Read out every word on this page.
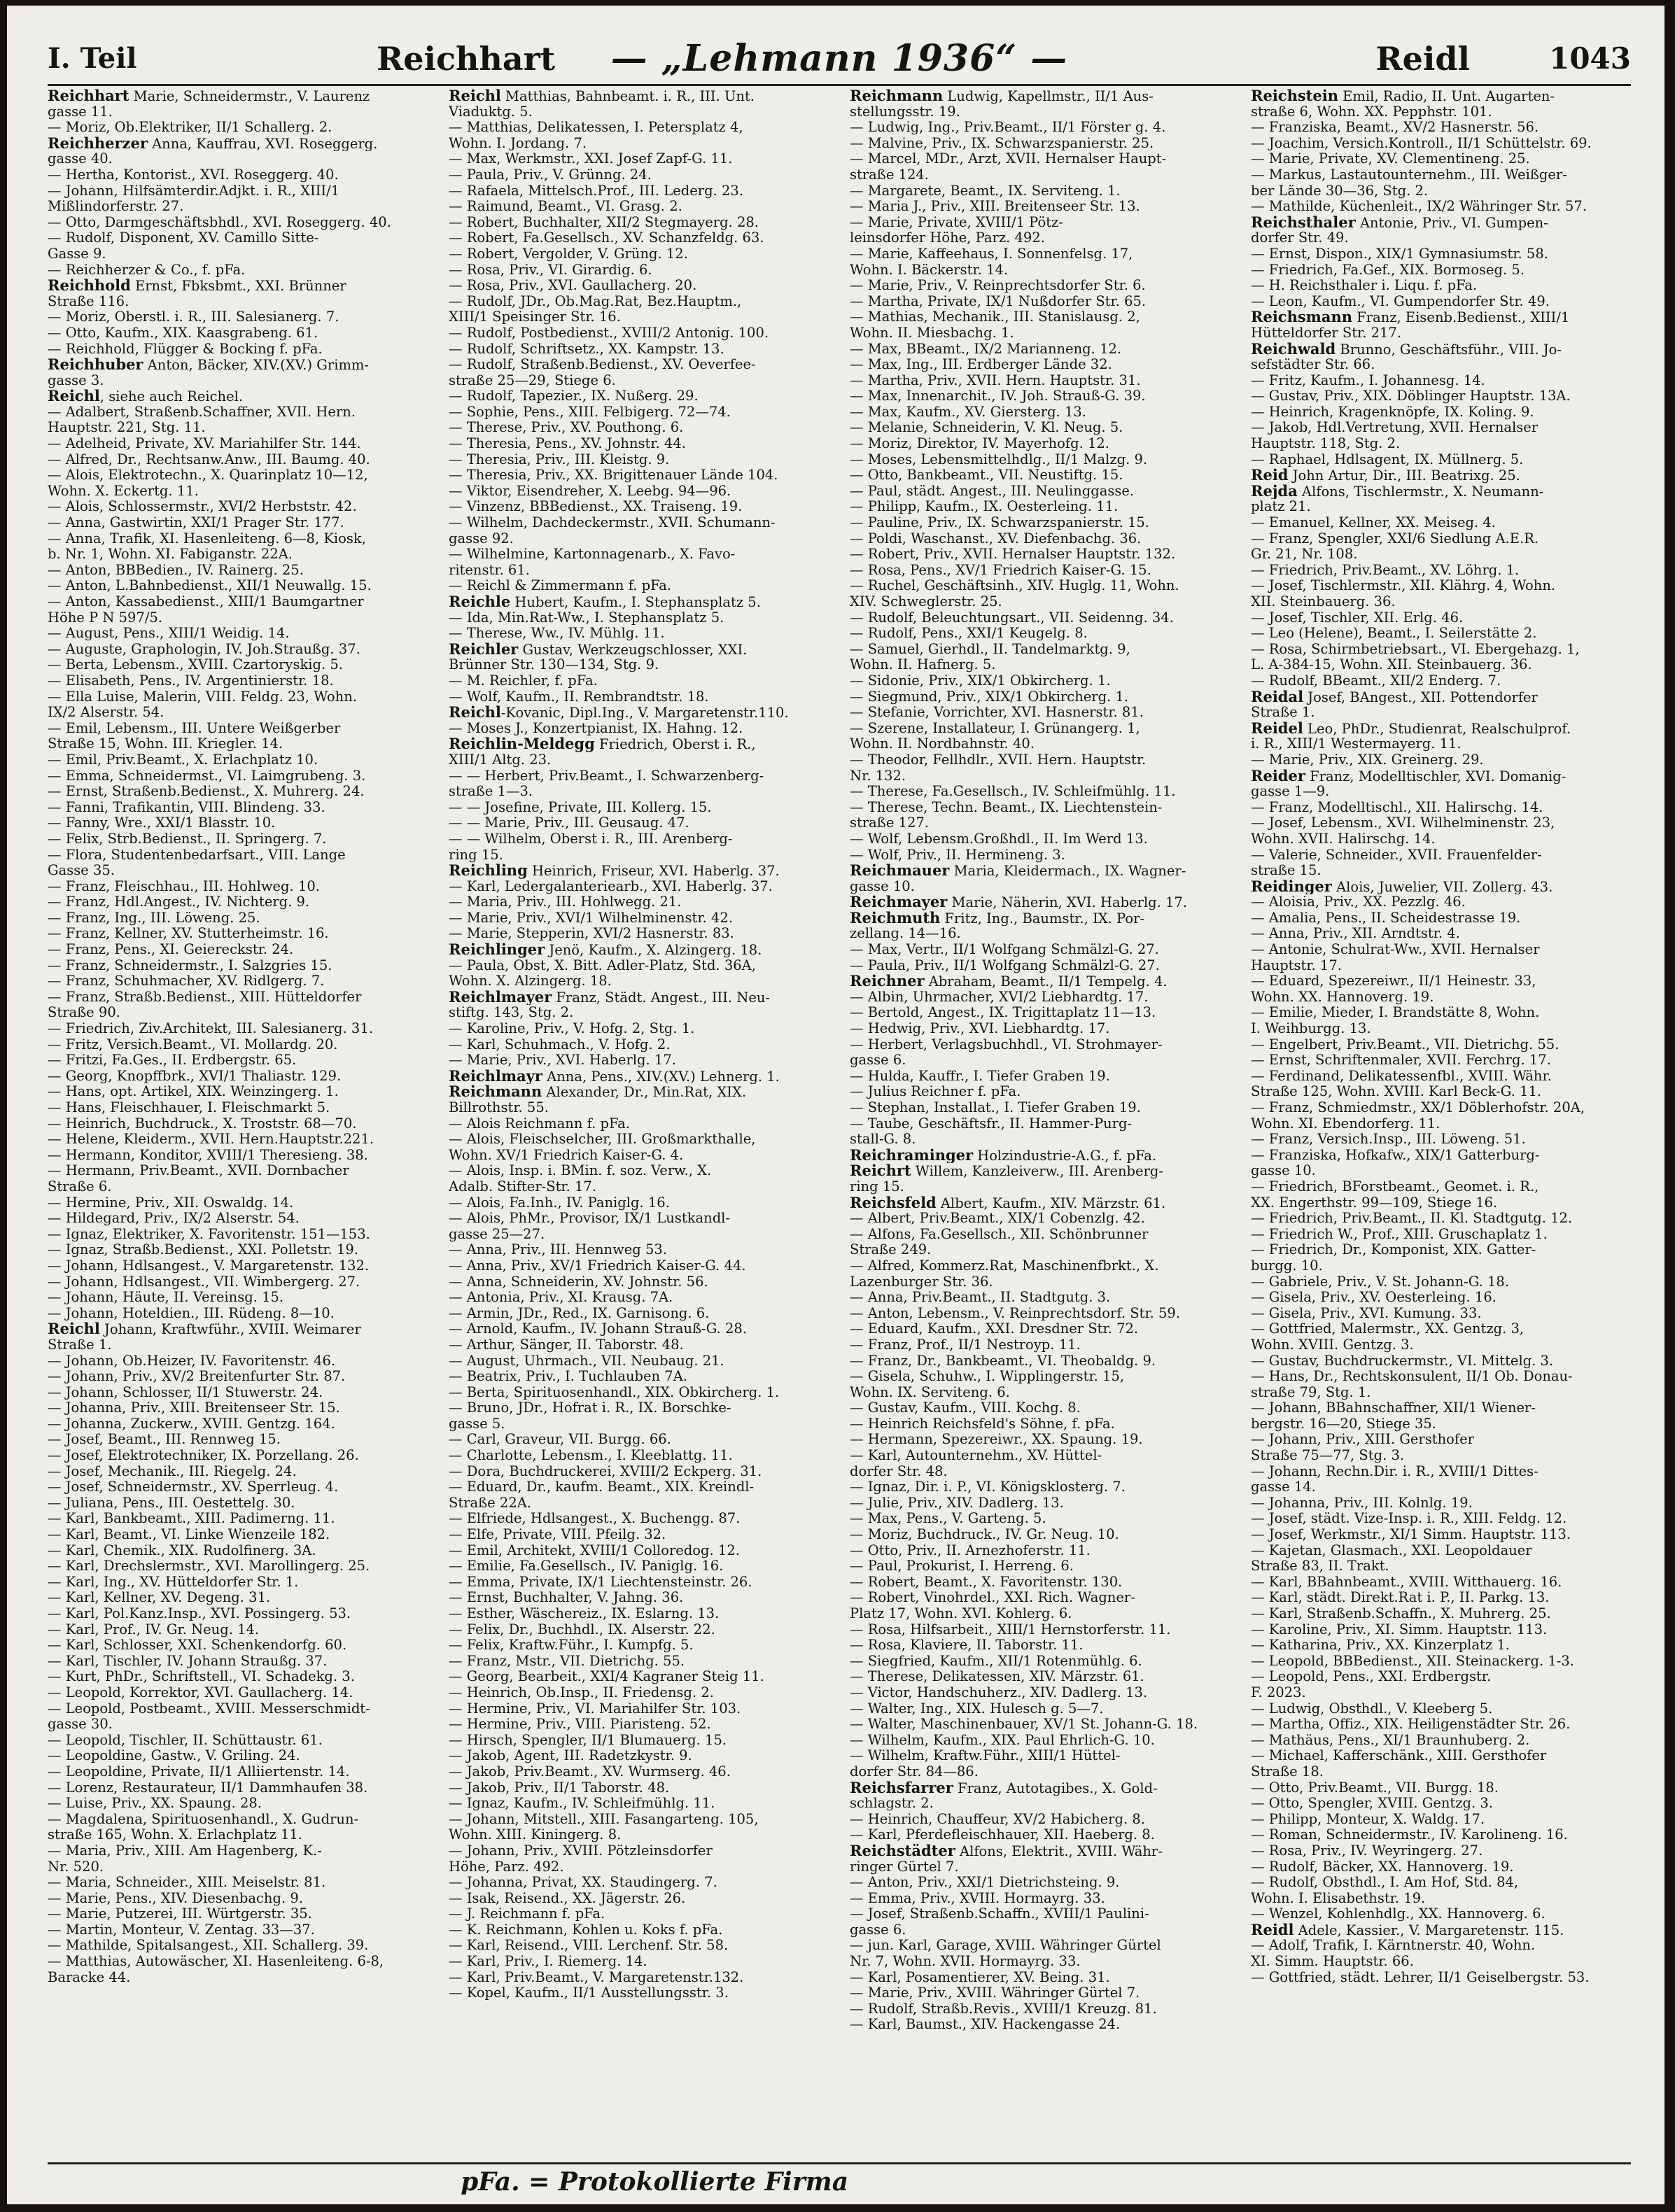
I. Teil	Reichhart	— „Lehmann 1936“ —	Reidl	1043
Reichhart Marie, Schneidermstr., V. Laurenz
gasse 11.
— Moriz, Ob.Elektriker, II/1 Schallerg. 2.
Reichherzer Anna, Kauffrau, XVI. Roseggerg.
gasse 40.
— Hertha, Kontorist., XVI. Roseggerg. 40.
— Johann, Hilfsämterdir.Adjkt. i. R., XIII/1
Mißlindorferstr. 27.
— Otto, Darmgeschäftsbhdl., XVI. Roseggerg. 40.
— Rudolf, Disponent, XV. Camillo Sitte-
Gasse 9.
— Reichherzer & Co., f. pFa.
Reichhold Ernst, Fbksbmt., XXI. Brünner
Straße 116.
— Moriz, Oberstl. i. R., III. Salesianerg. 7.
— Otto, Kaufm., XIX. Kaasgrabeng. 61.
— Reichhold, Flügger & Bocking f. pFa.
Reichhuber Anton, Bäcker, XIV.(XV.) Grimm-
gasse 3.
Reichl, siehe auch Reichel.
— Adalbert, Straßenb.Schaffner, XVII. Hern.
Hauptstr. 221, Stg. 11.
— Adelheid, Private, XV. Mariahilfer Str. 144.
— Alfred, Dr., Rechtsanw.Anw., III. Baumg. 40.
— Alois, Elektrotechn., X. Quarinplatz 10—12,
Wohn. X. Eckertg. 11.
— Alois, Schlossermstr., XVI/2 Herbststr. 42.
— Anna, Gastwirtin, XXI/1 Prager Str. 177.
— Anna, Trafik, XI. Hasenleiteng. 6—8, Kiosk,
b. Nr. 1, Wohn. XI. Fabiganstr. 22A.
— Anton, BBBedien., IV. Rainerg. 25.
— Anton, L.Bahnbedienst., XII/1 Neuwallg. 15.
— Anton, Kassabedienst., XIII/1 Baumgartner
Höhe P N 597/5.
— August, Pens., XIII/1 Weidig. 14.
— Auguste, Graphologin, IV. Joh.Straußg. 37.
— Berta, Lebensm., XVIII. Czartoryskig. 5.
— Elisabeth, Pens., IV. Argentinierstr. 18.
— Ella Luise, Malerin, VIII. Feldg. 23, Wohn.
IX/2 Alserstr. 54.
— Emil, Lebensm., III. Untere Weißgerber
Straße 15, Wohn. III. Kriegler. 14.
— Emil, Priv.Beamt., X. Erlachplatz 10.
— Emma, Schneidermst., VI. Laimgrubeng. 3.
— Ernst, Straßenb.Bedienst., X. Muhrerg. 24.
— Fanni, Trafikantin, VIII. Blindeng. 33.
— Fanny, Wre., XXI/1 Blasstr. 10.
— Felix, Strb.Bedienst., II. Springerg. 7.
— Flora, Studentenbedarfsart., VIII. Lange
Gasse 35.
— Franz, Fleischhau., III. Hohlweg. 10.
— Franz, Hdl.Angest., IV. Nichterg. 9.
— Franz, Ing., III. Löweng. 25.
— Franz, Kellner, XV. Stutterheimstr. 16.
— Franz, Pens., XI. Geiereckstr. 24.
— Franz, Schneidermstr., I. Salzgries 15.
— Franz, Schuhmacher, XV. Ridlgerg. 7.
— Franz, Straßb.Bedienst., XIII. Hütteldorfer
Straße 90.
— Friedrich, Ziv.Architekt, III. Salesianerg. 31.
— Fritz, Versich.Beamt., VI. Mollardg. 20.
— Fritzi, Fa.Ges., II. Erdbergstr. 65.
— Georg, Knopffbrk., XVI/1 Thaliastr. 129.
— Hans, opt. Artikel, XIX. Weinzingerg. 1.
— Hans, Fleischhauer, I. Fleischmarkt 5.
— Heinrich, Buchdruck., X. Troststr. 68—70.
— Helene, Kleiderm., XVII. Hern.Hauptstr.221.
— Hermann, Konditor, XVIII/1 Theresieng. 38.
— Hermann, Priv.Beamt., XVII. Dornbacher
Straße 6.
— Hermine, Priv., XII. Oswaldg. 14.
— Hildegard, Priv., IX/2 Alserstr. 54.
— Ignaz, Elektriker, X. Favoritenstr. 151—153.
— Ignaz, Straßb.Bedienst., XXI. Polletstr. 19.
— Johann, Hdlsangest., V. Margaretenstr. 132.
— Johann, Hdlsangest., VII. Wimbergerg. 27.
— Johann, Häute, II. Vereinsg. 15.
— Johann, Hoteldien., III. Rüdeng. 8—10.
Reichl Johann, Kraftwführ., XVIII. Weimarer
Straße 1.
— Johann, Ob.Heizer, IV. Favoritenstr. 46.
— Johann, Priv., XV/2 Breitenfurter Str. 87.
— Johann, Schlosser, II/1 Stuwerstr. 24.
— Johanna, Priv., XIII. Breitenseer Str. 15.
— Johanna, Zuckerw., XVIII. Gentzg. 164.
— Josef, Beamt., III. Rennweg 15.
— Josef, Elektrotechniker, IX. Porzellang. 26.
— Josef, Mechanik., III. Riegelg. 24.
— Josef, Schneidermstr., XV. Sperrleug. 4.
— Juliana, Pens., III. Oestettelg. 30.
— Karl, Bankbeamt., XIII. Padimerng. 11.
— Karl, Beamt., VI. Linke Wienzeile 182.
— Karl, Chemik., XIX. Rudolfinerg. 3A.
— Karl, Drechslermstr., XVI. Marollingerg. 25.
— Karl, Ing., XV. Hütteldorfer Str. 1.
— Karl, Kellner, XV. Degeng. 31.
— Karl, Pol.Kanz.Insp., XVI. Possingerg. 53.
— Karl, Prof., IV. Gr. Neug. 14.
— Karl, Schlosser, XXI. Schenkendorfg. 60.
— Karl, Tischler, IV. Johann Straußg. 37.
— Kurt, PhDr., Schriftstell., VI. Schadekg. 3.
— Leopold, Korrektor, XVI. Gaullacherg. 14.
— Leopold, Postbeamt., XVIII. Messerschmidt-
gasse 30.
— Leopold, Tischler, II. Schüttaustr. 61.
— Leopoldine, Gastw., V. Griling. 24.
— Leopoldine, Private, II/1 Alliiertenstr. 14.
— Lorenz, Restaurateur, II/1 Dammhaufen 38.
— Luise, Priv., XX. Spaung. 28.
— Magdalena, Spirituosenhandl., X. Gudrun-
straße 165, Wohn. X. Erlachplatz 11.
— Maria, Priv., XIII. Am Hagenberg, K.-
Nr. 520.
— Maria, Schneider., XIII. Meiselstr. 81.
— Marie, Pens., XIV. Diesenbachg. 9.
— Marie, Putzerei, III. Würtgerstr. 35.
— Martin, Monteur, V. Zentag. 33—37.
— Mathilde, Spitalsangest., XII. Schallerg. 39.
— Matthias, Autowäscher, XI. Hasenleiteng. 6-8,
Baracke 44.
Reichl Matthias, Bahnbeamt. i. R., III. Unt.
Viaduktg. 5.
— Matthias, Delikatessen, I. Petersplatz 4,
Wohn. I. Jordang. 7.
— Max, Werkmstr., XXI. Josef Zapf-G. 11.
— Paula, Priv., V. Grünng. 24.
— Rafaela, Mittelsch.Prof., III. Lederg. 23.
— Raimund, Beamt., VI. Grasg. 2.
— Robert, Buchhalter, XII/2 Stegmayerg. 28.
— Robert, Fa.Gesellsch., XV. Schanzfeldg. 63.
— Robert, Vergolder, V. Grüng. 12.
— Rosa, Priv., VI. Girardig. 6.
— Rosa, Priv., XVI. Gaullacherg. 20.
— Rudolf, JDr., Ob.Mag.Rat, Bez.Hauptm.,
XIII/1 Speisinger Str. 16.
— Rudolf, Postbedienst., XVIII/2 Antonig. 100.
— Rudolf, Schriftsetz., XX. Kampstr. 13.
— Rudolf, Straßenb.Bedienst., XV. Oeverfee-
straße 25—29, Stiege 6.
— Rudolf, Tapezier., IX. Nußerg. 29.
— Sophie, Pens., XIII. Felbigerg. 72—74.
— Therese, Priv., XV. Pouthong. 6.
— Theresia, Pens., XV. Johnstr. 44.
— Theresia, Priv., III. Kleistg. 9.
— Theresia, Priv., XX. Brigittenauer Lände 104.
— Viktor, Eisendreher, X. Leebg. 94—96.
— Vinzenz, BBBedienst., XX. Traiseng. 19.
— Wilhelm, Dachdeckermstr., XVII. Schumann-
gasse 92.
— Wilhelmine, Kartonnagenarb., X. Favo-
ritenstr. 61.
— Reichl & Zimmermann f. pFa.
Reichle Hubert, Kaufm., I. Stephansplatz 5.
— Ida, Min.Rat-Ww., I. Stephansplatz 5.
— Therese, Ww., IV. Mühlg. 11.
Reichler Gustav, Werkzeugschlosser, XXI.
Brünner Str. 130—134, Stg. 9.
— M. Reichler, f. pFa.
— Wolf, Kaufm., II. Rembrandtstr. 18.
Reichl-Kovanic, Dipl.Ing., V. Margaretenstr.110.
— Moses J., Konzertpianist, IX. Hahng. 12.
Reichlin-Meldegg Friedrich, Oberst i. R.,
XIII/1 Altg. 23.
— — Herbert, Priv.Beamt., I. Schwarzenberg-
straße 1—3.
— — Josefine, Private, III. Kollerg. 15.
— — Marie, Priv., III. Geusaug. 47.
— — Wilhelm, Oberst i. R., III. Arenberg-
ring 15.
Reichling Heinrich, Friseur, XVI. Haberlg. 37.
— Karl, Ledergalanteriearb., XVI. Haberlg. 37.
— Maria, Priv., III. Hohlwegg. 21.
— Marie, Priv., XVI/1 Wilhelminenstr. 42.
— Marie, Stepperin, XVI/2 Hasnerstr. 83.
Reichlinger Jenö, Kaufm., X. Alzingerg. 18.
— Paula, Obst, X. Bitt. Adler-Platz, Std. 36A,
Wohn. X. Alzingerg. 18.
Reichlmayer Franz, Städt. Angest., III. Neu-
stiftg. 143, Stg. 2.
— Karoline, Priv., V. Hofg. 2, Stg. 1.
— Karl, Schuhmach., V. Hofg. 2.
— Marie, Priv., XVI. Haberlg. 17.
Reichlmayr Anna, Pens., XIV.(XV.) Lehnerg. 1.
Reichmann Alexander, Dr., Min.Rat, XIX.
Billrothstr. 55.
— Alois Reichmann f. pFa.
— Alois, Fleischselcher, III. Großmarkthalle,
Wohn. XV/1 Friedrich Kaiser-G. 4.
— Alois, Insp. i. BMin. f. soz. Verw., X.
Adalb. Stifter-Str. 17.
— Alois, Fa.Inh., IV. Paniglg. 16.
— Alois, PhMr., Provisor, IX/1 Lustkandl-
gasse 25—27.
— Anna, Priv., III. Hennweg 53.
— Anna, Priv., XV/1 Friedrich Kaiser-G. 44.
— Anna, Schneiderin, XV. Johnstr. 56.
— Antonia, Priv., XI. Krausg. 7A.
— Armin, JDr., Red., IX. Garnisong. 6.
— Arnold, Kaufm., IV. Johann Strauß-G. 28.
— Arthur, Sänger, II. Taborstr. 48.
— August, Uhrmach., VII. Neubaug. 21.
— Beatrix, Priv., I. Tuchlauben 7A.
— Berta, Spirituosenhandl., XIX. Obkircherg. 1.
— Bruno, JDr., Hofrat i. R., IX. Borschke-
gasse 5.
— Carl, Graveur, VII. Burgg. 66.
— Charlotte, Lebensm., I. Kleeblattg. 11.
— Dora, Buchdruckerei, XVIII/2 Eckperg. 31.
— Eduard, Dr., kaufm. Beamt., XIX. Kreindl-
Straße 22A.
— Elfriede, Hdlsangest., X. Buchengg. 87.
— Elfe, Private, VIII. Pfeilg. 32.
— Emil, Architekt, XVIII/1 Colloredog. 12.
— Emilie, Fa.Gesellsch., IV. Paniglg. 16.
— Emma, Private, IX/1 Liechtensteinstr. 26.
— Ernst, Buchhalter, V. Jahng. 36.
— Esther, Wäschereiz., IX. Eslarng. 13.
— Felix, Dr., Buchhdl., IX. Alserstr. 22.
— Felix, Kraftw.Führ., I. Kumpfg. 5.
— Franz, Mstr., VII. Dietrichg. 55.
— Georg, Bearbeit., XXI/4 Kagraner Steig 11.
— Heinrich, Ob.Insp., II. Friedensg. 2.
— Hermine, Priv., VI. Mariahilfer Str. 103.
— Hermine, Priv., VIII. Piaristeng. 52.
— Hirsch, Spengler, II/1 Blumauerg. 15.
— Jakob, Agent, III. Radetzkystr. 9.
— Jakob, Priv.Beamt., XV. Wurmserg. 46.
— Jakob, Priv., II/1 Taborstr. 48.
— Ignaz, Kaufm., IV. Schleifmühlg. 11.
— Johann, Mitstell., XIII. Fasangarteng. 105,
Wohn. XIII. Kiningerg. 8.
— Johann, Priv., XVIII. Pötzleinsdorfer
Höhe, Parz. 492.
— Johanna, Privat, XX. Staudingerg. 7.
— Isak, Reisend., XX. Jägerstr. 26.
— J. Reichmann f. pFa.
— K. Reichmann, Kohlen u. Koks f. pFa.
— Karl, Reisend., VIII. Lerchenf. Str. 58.
— Karl, Priv., I. Riemerg. 14.
— Karl, Priv.Beamt., V. Margaretenstr.132.
— Kopel, Kaufm., II/1 Ausstellungsstr. 3.
Reichmann Ludwig, Kapellmstr., II/1 Aus-
stellungsstr. 19.
— Ludwig, Ing., Priv.Beamt., II/1 Förster g. 4.
— Malvine, Priv., IX. Schwarzspanierstr. 25.
— Marcel, MDr., Arzt, XVII. Hernalser Haupt-
straße 124.
— Margarete, Beamt., IX. Serviteng. 1.
— Maria J., Priv., XIII. Breitenseer Str. 13.
— Marie, Private, XVIII/1 Pötz-
leinsdorfer Höhe, Parz. 492.
— Marie, Kaffeehaus, I. Sonnenfelsg. 17,
Wohn. I. Bäckerstr. 14.
— Marie, Priv., V. Reinprechtsdorfer Str. 6.
— Martha, Private, IX/1 Nußdorfer Str. 65.
— Mathias, Mechanik., III. Stanislausg. 2,
Wohn. II. Miesbachg. 1.
— Max, BBeamt., IX/2 Marianneng. 12.
— Max, Ing., III. Erdberger Lände 32.
— Martha, Priv., XVII. Hern. Hauptstr. 31.
— Max, Innenarchit., IV. Joh. Strauß-G. 39.
— Max, Kaufm., XV. Giersterg. 13.
— Melanie, Schneiderin, V. Kl. Neug. 5.
— Moriz, Direktor, IV. Mayerhofg. 12.
— Moses, Lebensmittelhdlg., II/1 Malzg. 9.
— Otto, Bankbeamt., VII. Neustiftg. 15.
— Paul, städt. Angest., III. Neulinggasse.
— Philipp, Kaufm., IX. Oesterleing. 11.
— Pauline, Priv., IX. Schwarzspanierstr. 15.
— Poldi, Waschanst., XV. Diefenbachg. 36.
— Robert, Priv., XVII. Hernalser Hauptstr. 132.
— Rosa, Pens., XV/1 Friedrich Kaiser-G. 15.
— Ruchel, Geschäftsinh., XIV. Huglg. 11, Wohn.
XIV. Schweglerstr. 25.
— Rudolf, Beleuchtungsart., VII. Seidenng. 34.
— Rudolf, Pens., XXI/1 Keugelg. 8.
— Samuel, Gierhdl., II. Tandelmarktg. 9,
Wohn. II. Hafnerg. 5.
— Sidonie, Priv., XIX/1 Obkircherg. 1.
— Siegmund, Priv., XIX/1 Obkircherg. 1.
— Stefanie, Vorrichter, XVI. Hasnerstr. 81.
— Szerene, Installateur, I. Grünangerg. 1,
Wohn. II. Nordbahnstr. 40.
— Theodor, Fellhdlr., XVII. Hern. Hauptstr.
Nr. 132.
— Therese, Fa.Gesellsch., IV. Schleifmühlg. 11.
— Therese, Techn. Beamt., IX. Liechtenstein-
straße 127.
— Wolf, Lebensm.Großhdl., II. Im Werd 13.
— Wolf, Priv., II. Hermineng. 3.
Reichmauer Maria, Kleidermach., IX. Wagner-
gasse 10.
Reichmayer Marie, Näherin, XVI. Haberlg. 17.
Reichmuth Fritz, Ing., Baumstr., IX. Por-
zellang. 14—16.
— Max, Vertr., II/1 Wolfgang Schmälzl-G. 27.
— Paula, Priv., II/1 Wolfgang Schmälzl-G. 27.
Reichner Abraham, Beamt., II/1 Tempelg. 4.
— Albin, Uhrmacher, XVI/2 Liebhardtg. 17.
— Bertold, Angest., IX. Trigittaplatz 11—13.
— Hedwig, Priv., XVI. Liebhardtg. 17.
— Herbert, Verlagsbuchhdl., VI. Strohmayer-
gasse 6.
— Hulda, Kauffr., I. Tiefer Graben 19.
— Julius Reichner f. pFa.
— Stephan, Installat., I. Tiefer Graben 19.
— Taube, Geschäftsfr., II. Hammer-Purg-
stall-G. 8.
Reichraminger Holzindustrie-A.G., f. pFa.
Reichrt Willem, Kanzleiverw., III. Arenberg-
ring 15.
Reichsfeld Albert, Kaufm., XIV. Märzstr. 61.
— Albert, Priv.Beamt., XIX/1 Cobenzlg. 42.
— Alfons, Fa.Gesellsch., XII. Schönbrunner
Straße 249.
— Alfred, Kommerz.Rat, Maschinenfbrkt., X.
Lazenburger Str. 36.
— Anna, Priv.Beamt., II. Stadtgutg. 3.
— Anton, Lebensm., V. Reinprechtsdorf. Str. 59.
— Eduard, Kaufm., XXI. Dresdner Str. 72.
— Franz, Prof., II/1 Nestroyp. 11.
— Franz, Dr., Bankbeamt., VI. Theobaldg. 9.
— Gisela, Schuhw., I. Wipplingerstr. 15,
Wohn. IX. Serviteng. 6.
— Gustav, Kaufm., VIII. Kochg. 8.
— Heinrich Reichsfeld's Söhne, f. pFa.
— Hermann, Spezereiwr., XX. Spaung. 19.
— Karl, Autounternehm., XV. Hüttel-
dorfer Str. 48.
— Ignaz, Dir. i. P., VI. Königsklosterg. 7.
— Julie, Priv., XIV. Dadlerg. 13.
— Max, Pens., V. Garteng. 5.
— Moriz, Buchdruck., IV. Gr. Neug. 10.
— Otto, Priv., II. Arnezhoferstr. 11.
— Paul, Prokurist, I. Herreng. 6.
— Robert, Beamt., X. Favoritenstr. 130.
— Robert, Vinohrdel., XXI. Rich. Wagner-
Platz 17, Wohn. XVI. Kohlerg. 6.
— Rosa, Hilfsarbeit., XIII/1 Hernstorferstr. 11.
— Rosa, Klaviere, II. Taborstr. 11.
— Siegfried, Kaufm., XII/1 Rotenmühlg. 6.
— Therese, Delikatessen, XIV. Märzstr. 61.
— Victor, Handschuherz., XIV. Dadlerg. 13.
— Walter, Ing., XIX. Hulesch g. 5—7.
— Walter, Maschinenbauer, XV/1 St. Johann-G. 18.
— Wilhelm, Kaufm., XIX. Paul Ehrlich-G. 10.
— Wilhelm, Kraftw.Führ., XIII/1 Hüttel-
dorfer Str. 84—86.
Reichsfarrer Franz, Autotagibes., X. Gold-
schlagstr. 2.
— Heinrich, Chauffeur, XV/2 Habicherg. 8.
— Karl, Pferdefleischhauer, XII. Haeberg. 8.
Reichstädter Alfons, Elektrit., XVIII. Währ-
ringer Gürtel 7.
— Anton, Priv., XXI/1 Dietrichsteing. 9.
— Emma, Priv., XVIII. Hormayrg. 33.
— Josef, Straßenb.Schaffn., XVIII/1 Paulini-
gasse 6.
— jun. Karl, Garage, XVIII. Währinger Gürtel
Nr. 7, Wohn. XVII. Hormayrg. 33.
— Karl, Posamentierer, XV. Being. 31.
— Marie, Priv., XVIII. Währinger Gürtel 7.
— Rudolf, Straßb.Revis., XVIII/1 Kreuzg. 81.
— Karl, Baumst., XIV. Hackengasse 24.
Reichstein Emil, Radio, II. Unt. Augarten-
straße 6, Wohn. XX. Pepphstr. 101.
— Franziska, Beamt., XV/2 Hasnerstr. 56.
— Joachim, Versich.Kontroll., II/1 Schüttelstr. 69.
— Marie, Private, XV. Clementineng. 25.
— Markus, Lastautounternehm., III. Weißger-
ber Lände 30—36, Stg. 2.
— Mathilde, Küchenleit., IX/2 Währinger Str. 57.
Reichsthaler Antonie, Priv., VI. Gumpen-
dorfer Str. 49.
— Ernst, Dispon., XIX/1 Gymnasiumstr. 58.
— Friedrich, Fa.Gef., XIX. Bormoseg. 5.
— H. Reichsthaler i. Liqu. f. pFa.
— Leon, Kaufm., VI. Gumpendorfer Str. 49.
Reichsmann Franz, Eisenb.Bedienst., XIII/1
Hütteldorfer Str. 217.
Reichwald Brunno, Geschäftsführ., VIII. Jo-
sefstädter Str. 66.
— Fritz, Kaufm., I. Johannesg. 14.
— Gustav, Priv., XIX. Döblinger Hauptstr. 13A.
— Heinrich, Kragenknöpfe, IX. Koling. 9.
— Jakob, Hdl.Vertretung, XVII. Hernalser
Hauptstr. 118, Stg. 2.
— Raphael, Hdlsagent, IX. Müllnerg. 5.
Reid John Artur, Dir., III. Beatrixg. 25.
Rejda Alfons, Tischlermstr., X. Neumann-
platz 21.
— Emanuel, Kellner, XX. Meiseg. 4.
— Franz, Spengler, XXI/6 Siedlung A.E.R.
Gr. 21, Nr. 108.
— Friedrich, Priv.Beamt., XV. Löhrg. 1.
— Josef, Tischlermstr., XII. Klährg. 4, Wohn.
XII. Steinbauerg. 36.
— Josef, Tischler, XII. Erlg. 46.
— Leo (Helene), Beamt., I. Seilerstätte 2.
— Rosa, Schirmbetriebsart., VI. Ebergehazg. 1,
L. A-384-15, Wohn. XII. Steinbauerg. 36.
— Rudolf, BBeamt., XII/2 Enderg. 7.
Reidal Josef, BAngest., XII. Pottendorfer
Straße 1.
Reidel Leo, PhDr., Studienrat, Realschulprof.
i. R., XIII/1 Westermayerg. 11.
— Marie, Priv., XIX. Greinerg. 29.
Reider Franz, Modelltischler, XVI. Domanig-
gasse 1—9.
— Franz, Modelltischl., XII. Halirschg. 14.
— Josef, Lebensm., XVI. Wilhelminenstr. 23,
Wohn. XVII. Halirschg. 14.
— Valerie, Schneider., XVII. Frauenfelder-
straße 15.
Reidinger Alois, Juwelier, VII. Zollerg. 43.
— Aloisia, Priv., XX. Pezzlg. 46.
— Amalia, Pens., II. Scheidestrasse 19.
— Anna, Priv., XII. Arndtstr. 4.
— Antonie, Schulrat-Ww., XVII. Hernalser
Hauptstr. 17.
— Eduard, Spezereiwr., II/1 Heinestr. 33,
Wohn. XX. Hannoverg. 19.
— Emilie, Mieder, I. Brandstätte 8, Wohn.
I. Weihburgg. 13.
— Engelbert, Priv.Beamt., VII. Dietrichg. 55.
— Ernst, Schriftenmaler, XVII. Ferchrg. 17.
— Ferdinand, Delikatessenfbl., XVIII. Währ.
Straße 125, Wohn. XVIII. Karl Beck-G. 11.
— Franz, Schmiedmstr., XX/1 Döblerhofstr. 20A,
Wohn. XI. Ebendorferg. 11.
— Franz, Versich.Insp., III. Löweng. 51.
— Franziska, Hofkafw., XIX/1 Gatterburg-
gasse 10.
— Friedrich, BForstbeamt., Geomet. i. R.,
XX. Engerthstr. 99—109, Stiege 16.
— Friedrich, Priv.Beamt., II. Kl. Stadtgutg. 12.
— Friedrich W., Prof., XIII. Gruschaplatz 1.
— Friedrich, Dr., Komponist, XIX. Gatter-
burgg. 10.
— Gabriele, Priv., V. St. Johann-G. 18.
— Gisela, Priv., XV. Oesterleing. 16.
— Gisela, Priv., XVI. Kumung. 33.
— Gottfried, Malermstr., XX. Gentzg. 3,
Wohn. XVIII. Gentzg. 3.
— Gustav, Buchdruckermstr., VI. Mittelg. 3.
— Hans, Dr., Rechtskonsulent, II/1 Ob. Donau-
straße 79, Stg. 1.
— Johann, BBahnschaffner, XII/1 Wiener-
bergstr. 16—20, Stiege 35.
— Johann, Priv., XIII. Gersthofer
Straße 75—77, Stg. 3.
— Johann, Rechn.Dir. i. R., XVIII/1 Dittes-
gasse 14.
— Johanna, Priv., III. Kolnlg. 19.
— Josef, städt. Vize-Insp. i. R., XIII. Feldg. 12.
— Josef, Werkmstr., XI/1 Simm. Hauptstr. 113.
— Kajetan, Glasmach., XXI. Leopoldauer
Straße 83, II. Trakt.
— Karl, BBahnbeamt., XVIII. Witthauerg. 16.
— Karl, städt. Direkt.Rat i. P., II. Parkg. 13.
— Karl, Straßenb.Schaffn., X. Muhrerg. 25.
— Karoline, Priv., XI. Simm. Hauptstr. 113.
— Katharina, Priv., XX. Kinzerplatz 1.
— Leopold, BBBedienst., XII. Steinackerg. 1-3.
— Leopold, Pens., XXI. Erdbergstr.
F. 2023.
— Ludwig, Obsthdl., V. Kleeberg 5.
— Martha, Offiz., XIX. Heiligenstädter Str. 26.
— Mathäus, Pens., XI/1 Braunhuberg. 2.
— Michael, Kafferschänk., XIII. Gersthofer
Straße 18.
— Otto, Priv.Beamt., VII. Burgg. 18.
— Otto, Spengler, XVIII. Gentzg. 3.
— Philipp, Monteur, X. Waldg. 17.
— Roman, Schneidermstr., IV. Karolineng. 16.
— Rosa, Priv., IV. Weyringerg. 27.
— Rudolf, Bäcker, XX. Hannoverg. 19.
— Rudolf, Obsthdl., I. Am Hof, Std. 84,
Wohn. I. Elisabethstr. 19.
— Wenzel, Kohlenhdlg., XX. Hannoverg. 6.
Reidl Adele, Kassier., V. Margaretenstr. 115.
— Adolf, Trafik, I. Kärntnerstr. 40, Wohn.
XI. Simm. Hauptstr. 66.
— Gottfried, städt. Lehrer, II/1 Geiselbergstr. 53.
pFa. = Protokollierte Firma
